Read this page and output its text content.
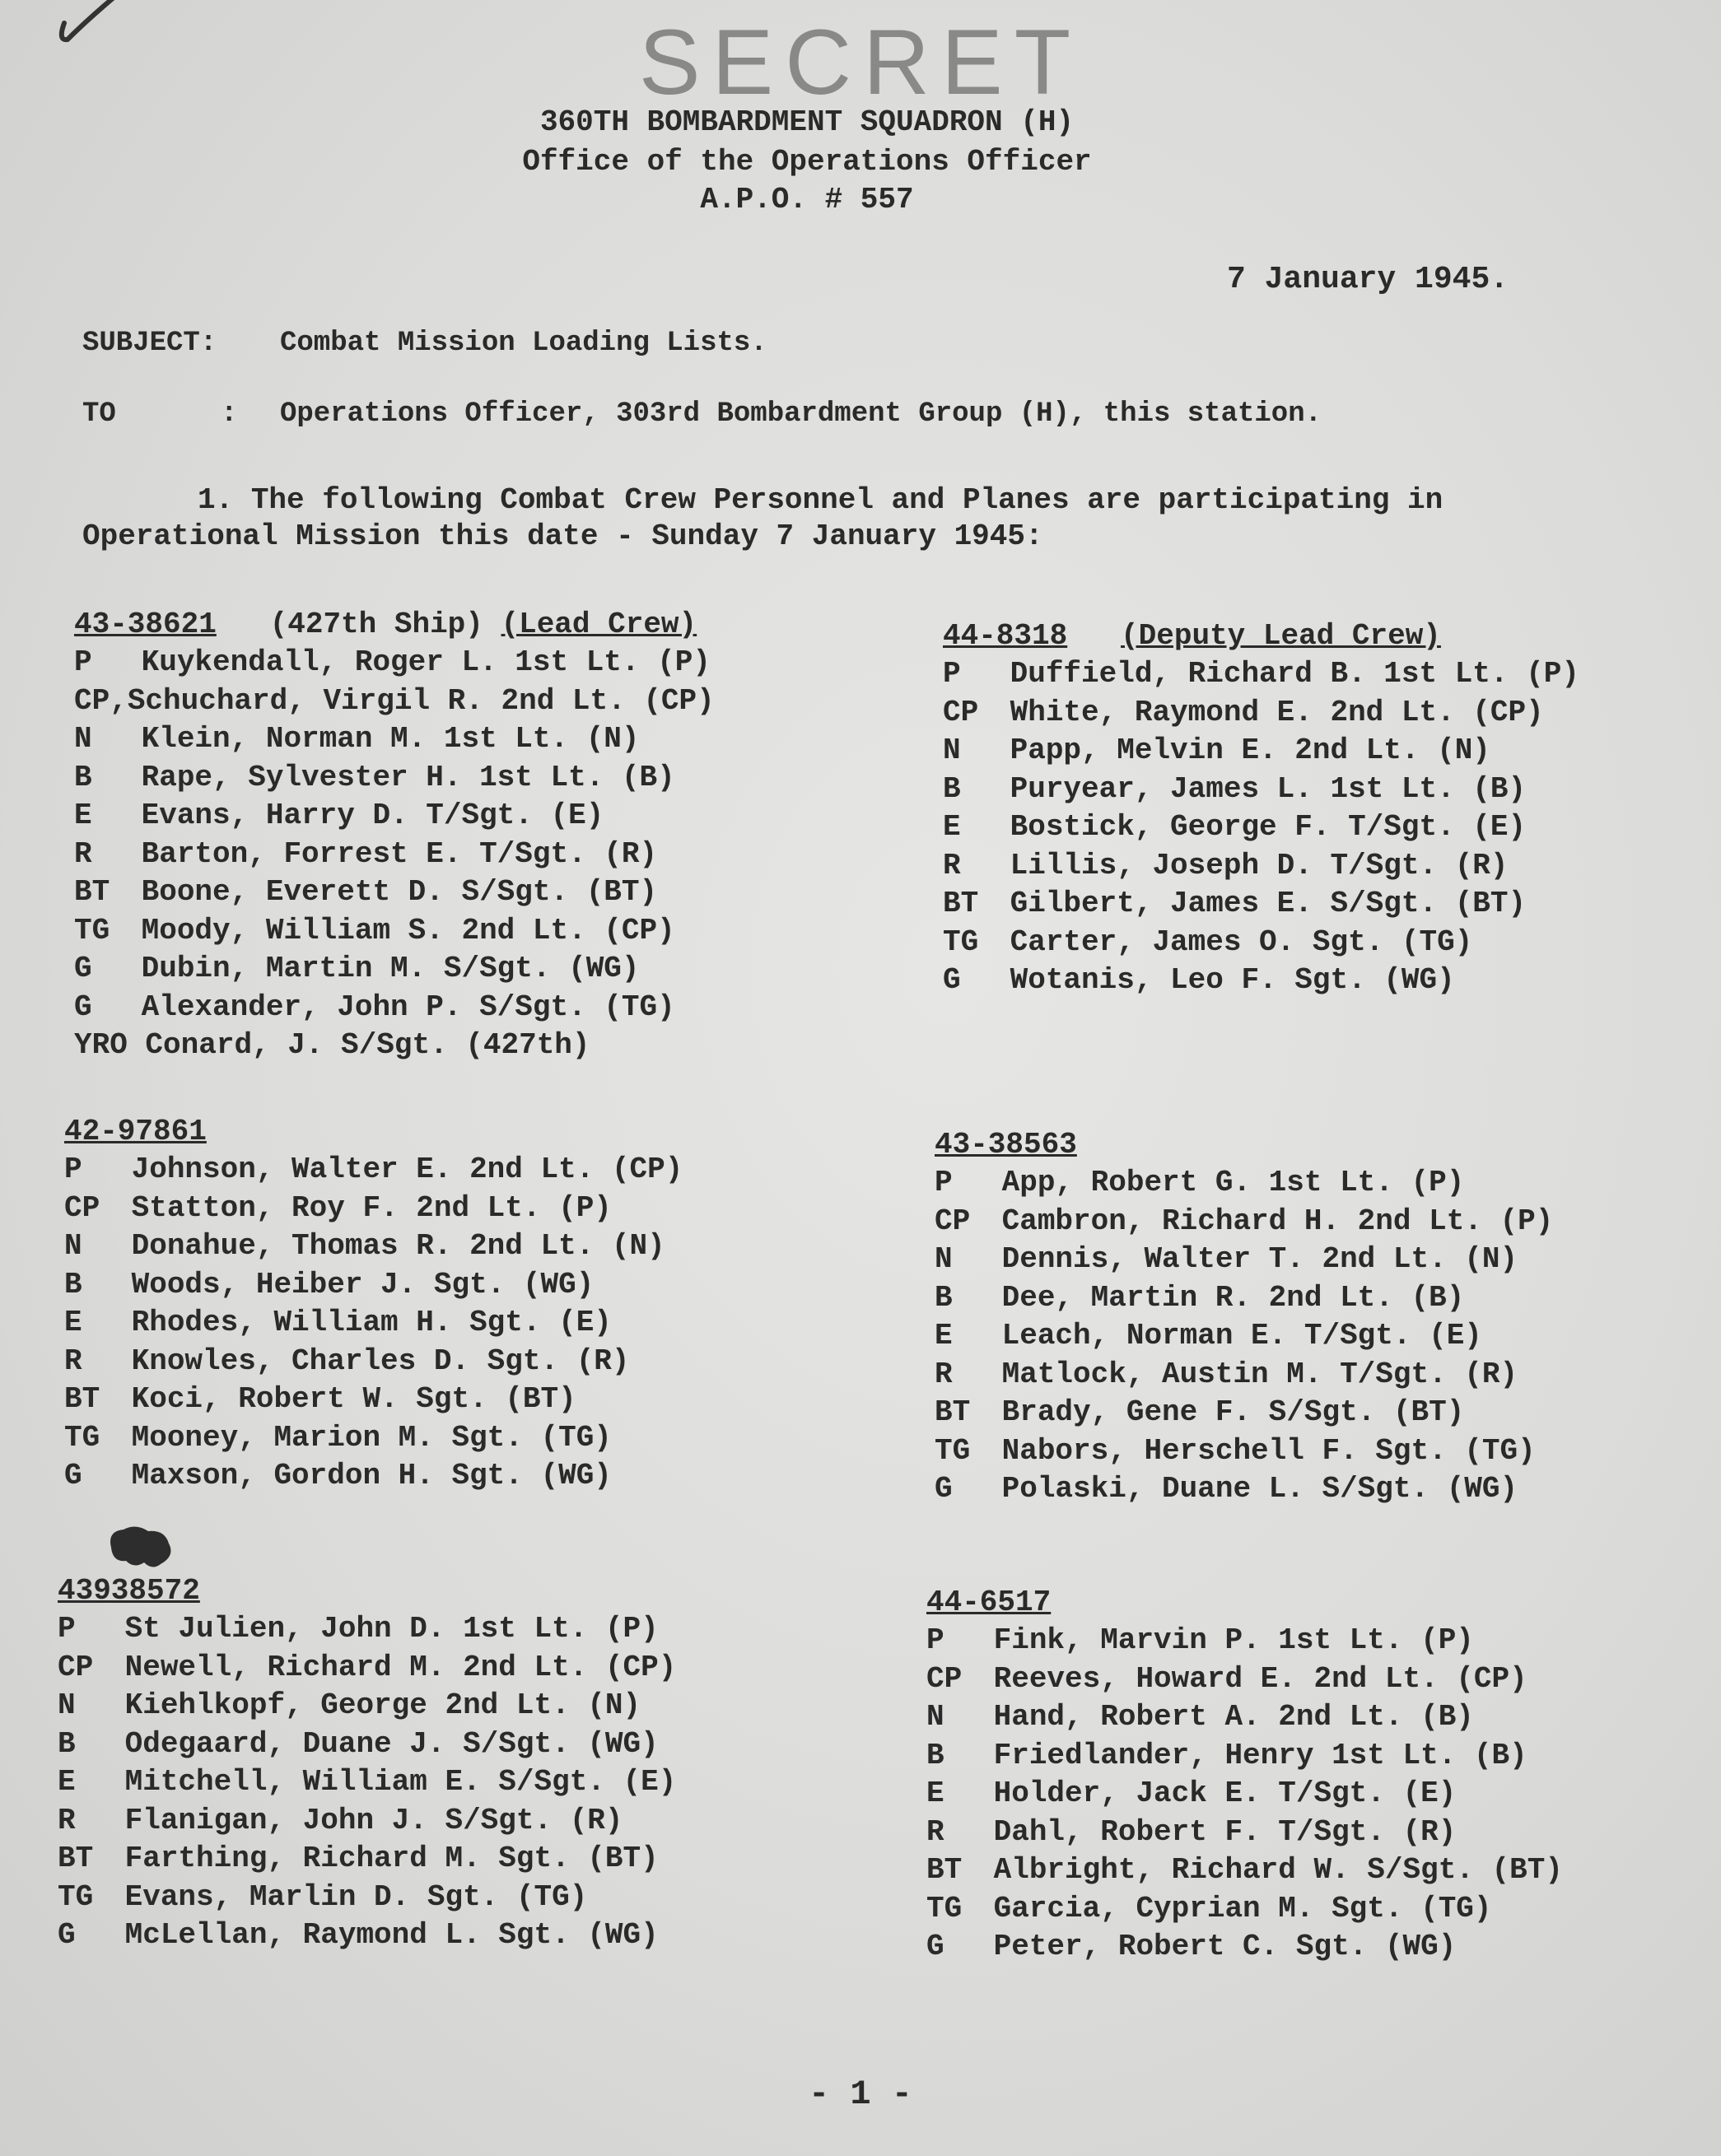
SECRET
360TH BOMBARDMENT SQUADRON (H)
Office of the Operations Officer
A.P.O. # 557
7 January 1945.
SUBJECT: Combat Mission Loading Lists.
TO	: Operations Officer, 303rd Bombardment Group (H), this station.
1. The following Combat Crew Personnel and Planes are participating in
Operational Mission this date - Sunday 7 January 1945:
43-38621 (427th Ship) (Lead Crew)
P Kuykendall, Roger L. 1st Lt. (P)
CP,Schuchard, Virgil R. 2nd Lt. (CP)
N Klein, Norman M. 1st Lt. (N)
B Rape, Sylvester H. 1st Lt. (B)
E Evans, Harry D. T/Sgt. (E)
R Barton, Forrest E. T/Sgt. (R)
BT Boone, Everett D. S/Sgt. (BT)
TG Moody, William S. 2nd Lt. (CP)
G Dubin, Martin M. S/Sgt. (WG)
G Alexander, John P. S/Sgt. (TG)
YRO Conard, J. S/Sgt. (427th)
44-8318 (Deputy Lead Crew)
P Duffield, Richard B. 1st Lt. (P)
CP White, Raymond E. 2nd Lt. (CP)
N Papp, Melvin E. 2nd Lt. (N)
B Puryear, James L. 1st Lt. (B)
E Bostick, George F. T/Sgt. (E)
R Lillis, Joseph D. T/Sgt. (R)
BT Gilbert, James E. S/Sgt. (BT)
TG Carter, James O. Sgt. (TG)
G Wotanis, Leo F. Sgt. (WG)
42-97861
P Johnson, Walter E. 2nd Lt. (CP)
CP Statton, Roy F. 2nd Lt. (P)
N Donahue, Thomas R. 2nd Lt. (N)
B Woods, Heiber J. Sgt. (WG)
E Rhodes, William H. Sgt. (E)
R Knowles, Charles D. Sgt. (R)
BT Koci, Robert W. Sgt. (BT)
TG Mooney, Marion M. Sgt. (TG)
G Maxson, Gordon H. Sgt. (WG)
43-38563
P App, Robert G. 1st Lt. (P)
CP Cambron, Richard H. 2nd Lt. (P)
N Dennis, Walter T. 2nd Lt. (N)
B Dee, Martin R. 2nd Lt. (B)
E Leach, Norman E. T/Sgt. (E)
R Matlock, Austin M. T/Sgt. (R)
BT Brady, Gene F. S/Sgt. (BT)
TG Nabors, Herschell F. Sgt. (TG)
G Polaski, Duane L. S/Sgt. (WG)
43938572
P St Julien, John D. 1st Lt. (P)
CP Newell, Richard M. 2nd Lt. (CP)
N Kiehlkopf, George 2nd Lt. (N)
B Odegaard, Duane J. S/Sgt. (WG)
E Mitchell, William E. S/Sgt. (E)
R Flanigan, John J. S/Sgt. (R)
BT Farthing, Richard M. Sgt. (BT)
TG Evans, Marlin D. Sgt. (TG)
G McLellan, Raymond L. Sgt. (WG)
44-6517
P Fink, Marvin P. 1st Lt. (P)
CP Reeves, Howard E. 2nd Lt. (CP)
N Hand, Robert A. 2nd Lt. (B)
B Friedlander, Henry 1st Lt. (B)
E Holder, Jack E. T/Sgt. (E)
R Dahl, Robert F. T/Sgt. (R)
BT Albright, Richard W. S/Sgt. (BT)
TG Garcia, Cyprian M. Sgt. (TG)
G Peter, Robert C. Sgt. (WG)
- 1 -
